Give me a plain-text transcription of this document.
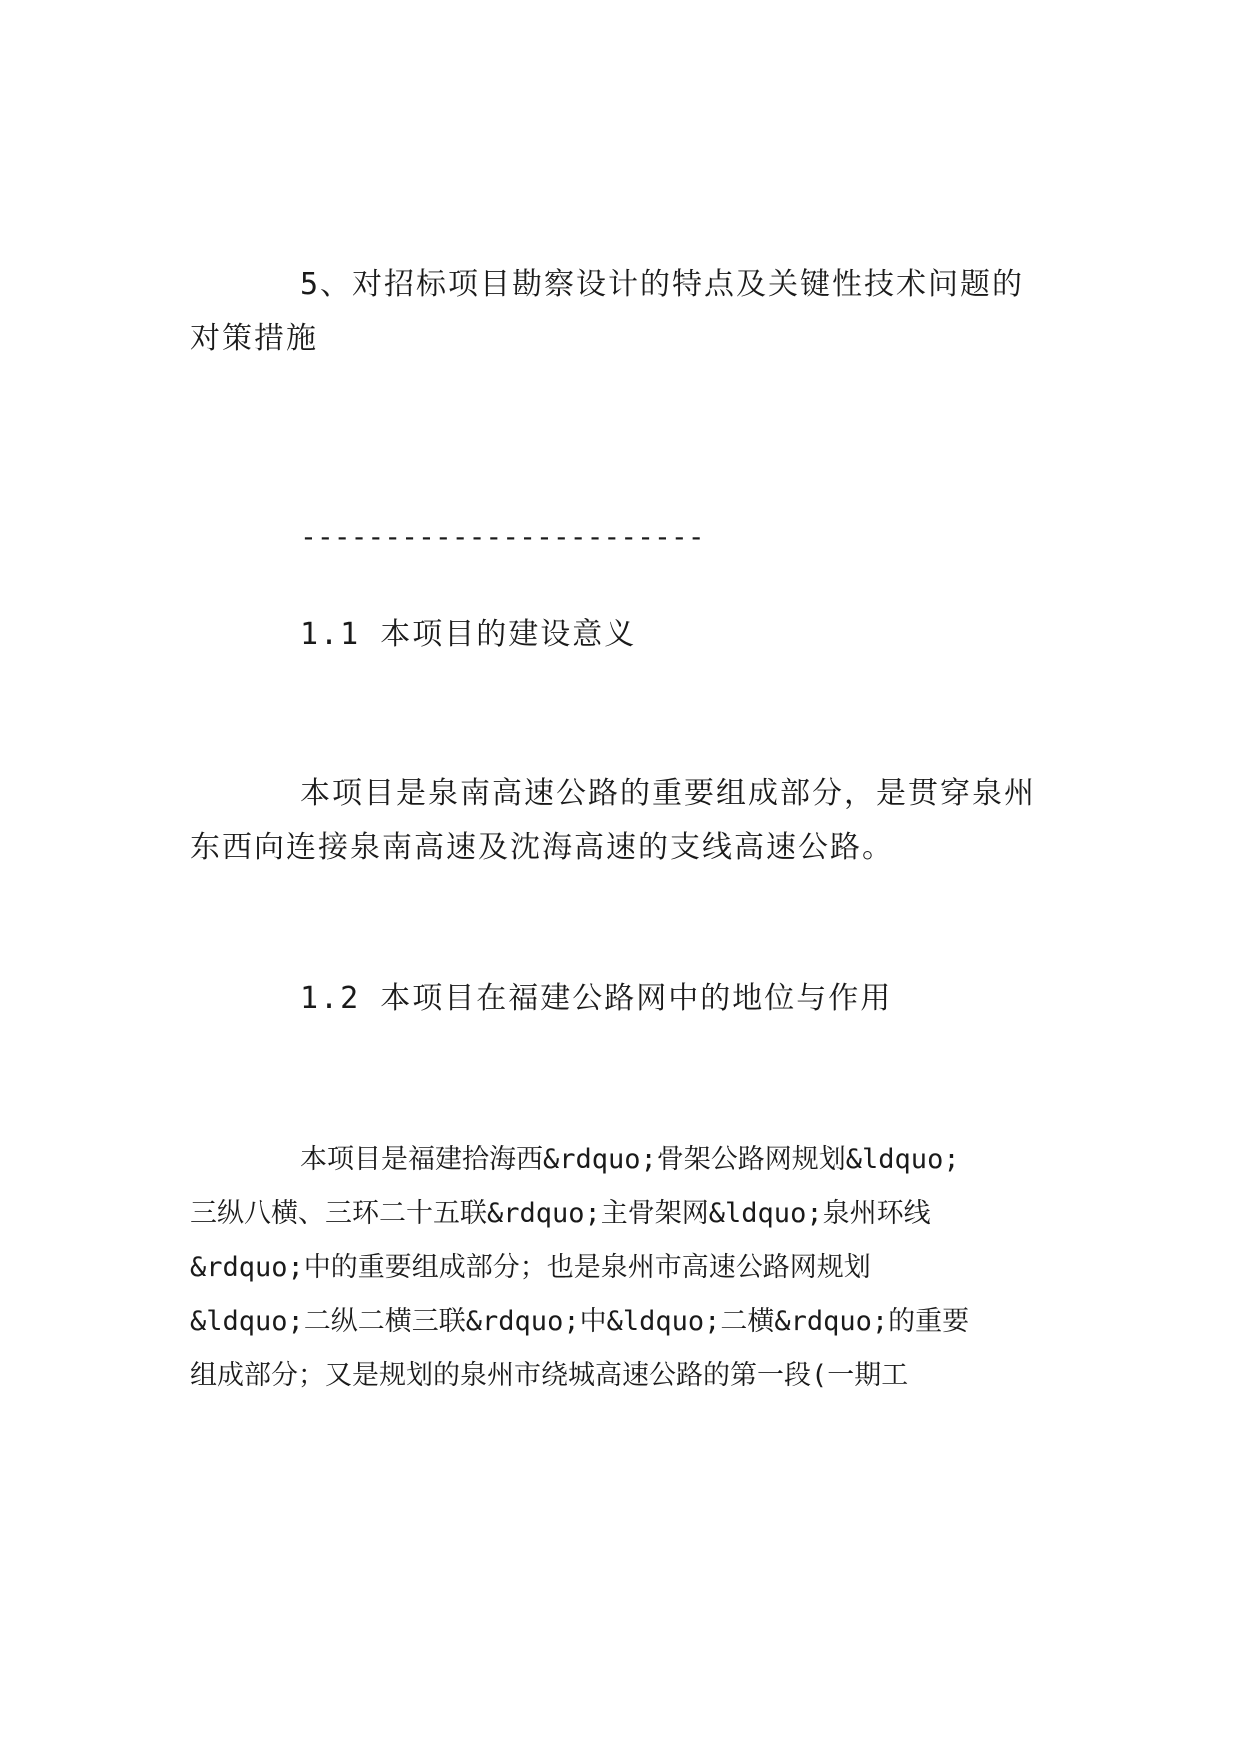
5、对招标项目勘察设计的特点及关键性技术问题的
对策措施
------------------------
1.1 本项目的建设意义
本项目是泉南高速公路的重要组成部分，是贯穿泉州
东西向连接泉南高速及沈海高速的支线高速公路。
1.2 本项目在福建公路网中的地位与作用
本项目是福建拾海西&rdquo;骨架公路网规划&ldquo;
三纵八横、三环二十五联&rdquo;主骨架网&ldquo;泉州环线
&rdquo;中的重要组成部分；也是泉州市高速公路网规划
&ldquo;二纵二横三联&rdquo;中&ldquo;二横&rdquo;的重要
组成部分；又是规划的泉州市绕城高速公路的第一段(一期工
